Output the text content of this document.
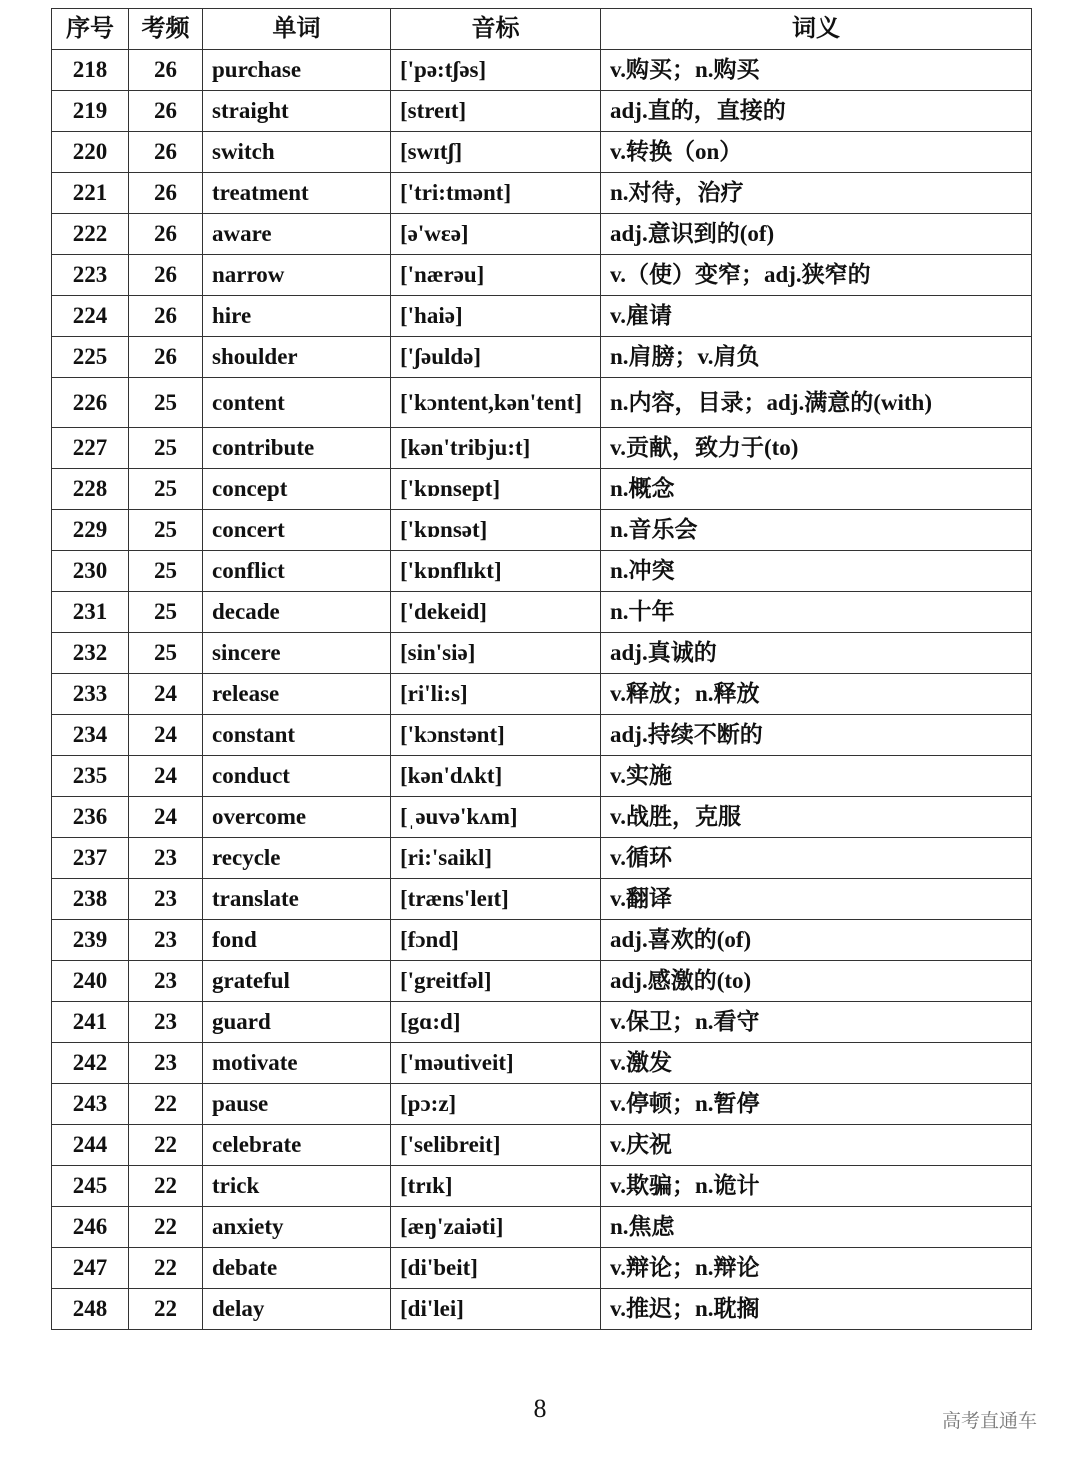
序号	考频	单词	音标	词义
218	26	purchase	['pə:tʃəs]	v.购买；n.购买
219	26	straight	[streɪt]	adj.直的，直接的
220	26	switch	[swɪtʃ]	v.转换（on）
221	26	treatment	['tri:tmənt]	n.对待，治疗
222	26	aware	[ə'wɛə]	adj.意识到的(of)
223	26	narrow	['nærəu]	v.（使）变窄；adj.狭窄的
224	26	hire	['haiə]	v.雇请
225	26	shoulder	['ʃəuldə]	n.肩膀；v.肩负
226	25	content	['kɔntent,kən'tent]	n.内容，目录；adj.满意的(with)
227	25	contribute	[kən'tribju:t]	v.贡献，致力于(to)
228	25	concept	['kɒnsept]	n.概念
229	25	concert	['kɒnsət]	n.音乐会
230	25	conflict	['kɒnflɪkt]	n.冲突
231	25	decade	['dekeid]	n.十年
232	25	sincere	[sin'siə]	adj.真诚的
233	24	release	[ri'li:s]	v.释放；n.释放
234	24	constant	['kɔnstənt]	adj.持续不断的
235	24	conduct	[kən'dʌkt]	v.实施
236	24	overcome	[ˌəuvə'kʌm]	v.战胜，克服
237	23	recycle	[ri:'saikl]	v.循环
238	23	translate	[træns'leɪt]	v.翻译
239	23	fond	[fɔnd]	adj.喜欢的(of)
240	23	grateful	['greitfəl]	adj.感激的(to)
241	23	guard	[gɑ:d]	v.保卫；n.看守
242	23	motivate	['məutiveit]	v.激发
243	22	pause	[pɔ:z]	v.停顿；n.暂停
244	22	celebrate	['selibreit]	v.庆祝
245	22	trick	[trɪk]	v.欺骗；n.诡计
246	22	anxiety	[æŋ'zaiəti]	n.焦虑
247	22	debate	[di'beit]	v.辩论；n.辩论
248	22	delay	[di'lei]	v.推迟；n.耽搁
8	高考直通车
